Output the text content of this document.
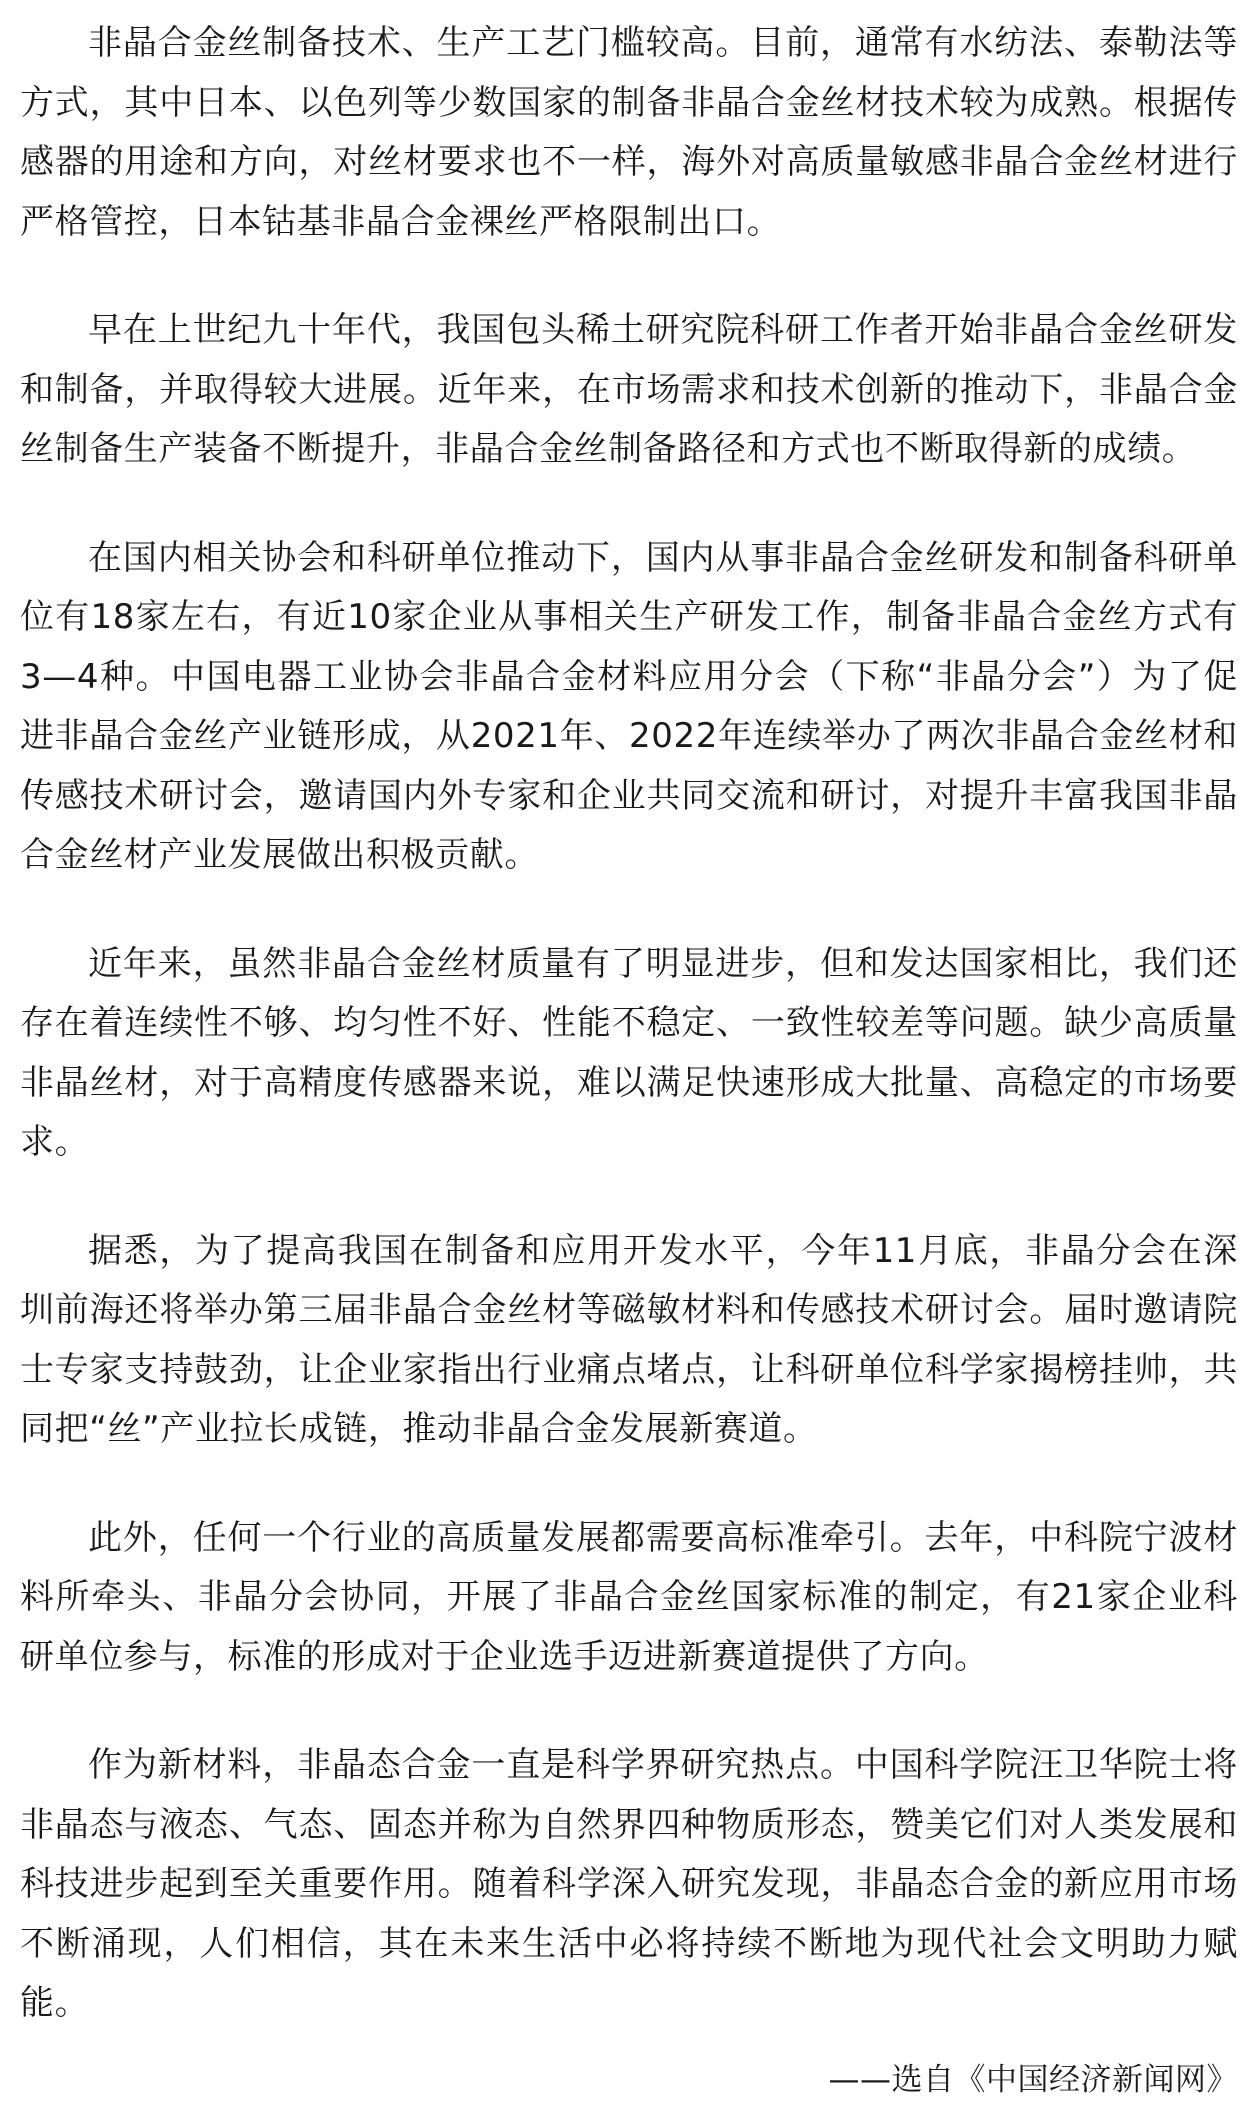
非晶合金丝制备技术、生产工艺门槛较高。目前，通常有水纺法、泰勒法等方式，其中日本、以色列等少数国家的制备非晶合金丝材技术较为成熟。根据传感器的用途和方向，对丝材要求也不一样，海外对高质量敏感非晶合金丝材进行严格管控，日本钴基非晶合金裸丝严格限制出口。

早在上世纪九十年代，我国包头稀土研究院科研工作者开始非晶合金丝研发和制备，并取得较大进展。近年来，在市场需求和技术创新的推动下，非晶合金丝制备生产装备不断提升，非晶合金丝制备路径和方式也不断取得新的成绩。

在国内相关协会和科研单位推动下，国内从事非晶合金丝研发和制备科研单位有18家左右，有近10家企业从事相关生产研发工作，制备非晶合金丝方式有3—4种。中国电器工业协会非晶合金材料应用分会（下称“非晶分会”）为了促进非晶合金丝产业链形成，从2021年、2022年连续举办了两次非晶合金丝材和传感技术研讨会，邀请国内外专家和企业共同交流和研讨，对提升丰富我国非晶合金丝材产业发展做出积极贡献。

近年来，虽然非晶合金丝材质量有了明显进步，但和发达国家相比，我们还存在着连续性不够、均匀性不好、性能不稳定、一致性较差等问题。缺少高质量非晶丝材，对于高精度传感器来说，难以满足快速形成大批量、高稳定的市场要求。

据悉，为了提高我国在制备和应用开发水平，今年11月底，非晶分会在深圳前海还将举办第三届非晶合金丝材等磁敏材料和传感技术研讨会。届时邀请院士专家支持鼓劲，让企业家指出行业痛点堵点，让科研单位科学家揭榜挂帅，共同把“丝”产业拉长成链，推动非晶合金发展新赛道。

此外，任何一个行业的高质量发展都需要高标准牵引。去年，中科院宁波材料所牵头、非晶分会协同，开展了非晶合金丝国家标准的制定，有21家企业科研单位参与，标准的形成对于企业选手迈进新赛道提供了方向。

作为新材料，非晶态合金一直是科学界研究热点。中国科学院汪卫华院士将非晶态与液态、气态、固态并称为自然界四种物质形态，赞美它们对人类发展和科技进步起到至关重要作用。随着科学深入研究发现，非晶态合金的新应用市场不断涌现，人们相信，其在未来生活中必将持续不断地为现代社会文明助力赋能。

——选自《中国经济新闻网》
